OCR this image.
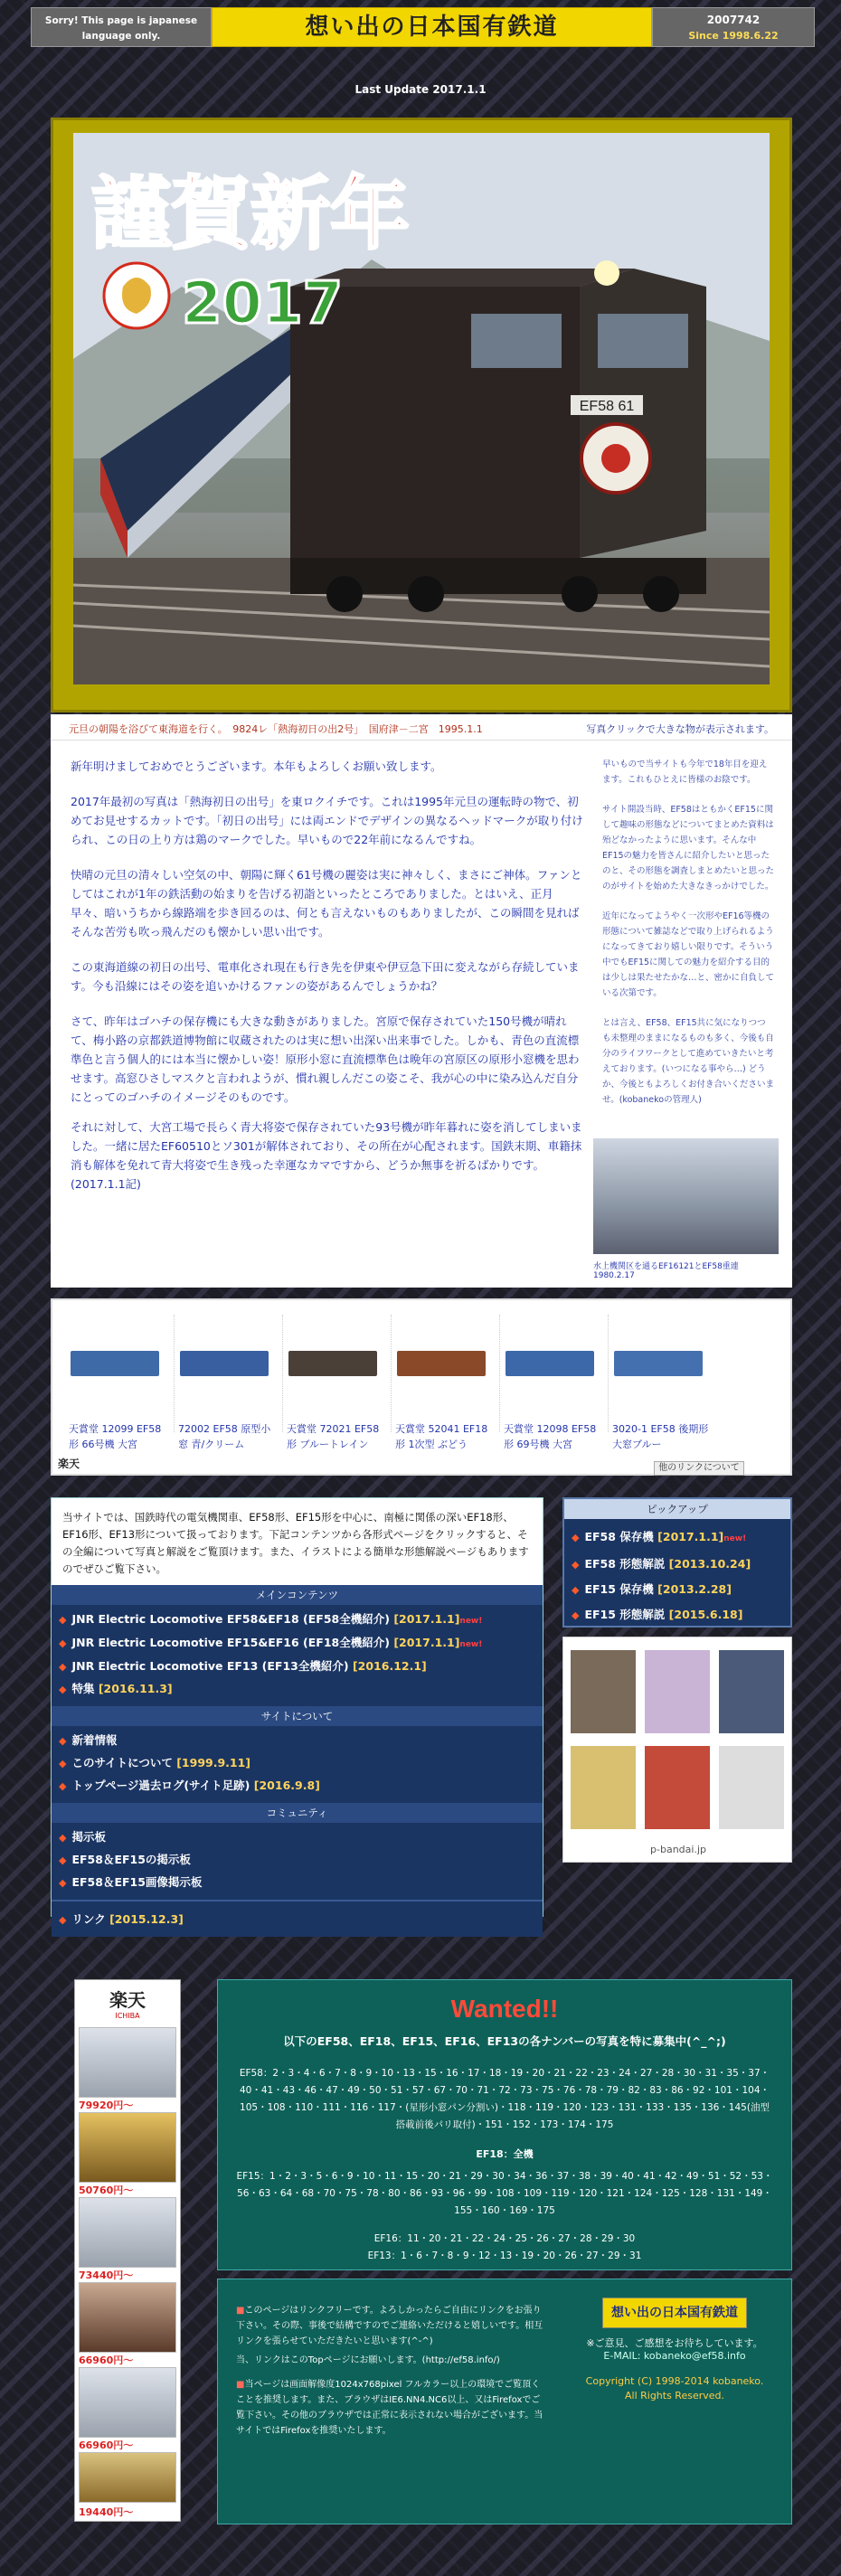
Sorry! This page is japanese language only.	想い出の日本国有鉄道	2007742
Since 1998.6.22
Last Update 2017.1.1
EF58 61
謹賀新年
2017
元旦の朝陽を浴びて東海道を行く。　9824レ「熱海初日の出2号」　国府津－二宮　1995.1.1	写真クリックで大きな物が表示されます。

新年明けましておめでとうございます。本年もよろしくお願い致します。

2017年最初の写真は「熱海初日の出号」を東ロクイチです。これは1995年元旦の運転時の物で、初めてお見せするカットです。「初日の出号」には両エンドでデザインの異なるヘッドマークが取り付けられ、この日の上り方は鶏のマークでした。早いもので22年前になるんですね。

快晴の元旦の清々しい空気の中、朝陽に輝く61号機の麗姿は実に神々しく、まさにご神体。ファンとしてはこれが1年の鉄活動の始まりを告げる初詣といったところでありました。とはいえ、正月早々、暗いうちから線路端を歩き回るのは、何とも言えないものもありましたが、この瞬間を見ればそんな苦労も吹っ飛んだのも懐かしい思い出です。

この東海道線の初日の出号、電車化され現在も行き先を伊東や伊豆急下田に変えながら存続しています。今も沿線にはその姿を追いかけるファンの姿があるんでしょうかね？

さて、昨年はゴハチの保存機にも大きな動きがありました。宮原で保存されていた150号機が晴れて、梅小路の京都鉄道博物館に収蔵されたのは実に想い出深い出来事でした。しかも、青色の直流標準色と言う個人的には本当に懐かしい姿！原形小窓に直流標準色は晩年の宮原区の原形小窓機を思わせます。高窓ひさしマスクと言われようが、慣れ親しんだこの姿こそ、我が心の中に染み込んだ自分にとってのゴハチのイメージそのものです。

それに対して、大宮工場で長らく青大将姿で保存されていた93号機が昨年暮れに姿を消してしまいました。一緒に居たEF60510とソ301が解体されており、その所在が心配されます。国鉄末期、車籍抹消も解体を免れて青大将姿で生き残った幸運なカマですから、どうか無事を祈るばかりです。

(2017.1.1記)

早いもので当サイトも今年で18年目を迎えます。これもひとえに皆様のお陰です。

サイト開設当時、EF58はともかくEF15に関して趣味の形態などについてまとめた資料は殆どなかったように思います。そんな中EF15の魅力を皆さんに紹介したいと思ったのと、その形態を調査しまとめたいと思ったのがサイトを始めた大きなきっかけでした。

近年になってようやく一次形やEF16等機の形態について雑誌などで取り上げられるようになってきており嬉しい限りです。そういう中でもEF15に関しての魅力を紹介する目的は少しは果たせたかな…と、密かに自負している次第です。

とは言え、EF58、EF15共に気になりつつも未整理のままになるものも多く、今後も自分のライフワークとして進めていきたいと考えております。(いつになる事やら…) どうか、今後ともよろしくお付き合いくださいませ。(kobanekoの管理人)

水上機関区を通るEF16121とEF58重連　1980.2.17
天賞堂 12099 EF58形 66号機 大宮
72002 EF58 原型小窓 青/クリーム
天賞堂 72021 EF58形 ブルートレイン
天賞堂 52041 EF18形 1次型 ぶどう
天賞堂 12098 EF58形 69号機 大宮
3020-1 EF58 後期形 大窓ブルー
楽天	他のリンクについて
当サイトでは、国鉄時代の電気機関車、EF58形、EF15形を中心に、南極に関係の深いEF18形、EF16形、EF13形について扱っております。下記コンテンツから各形式ページをクリックすると、その全編について写真と解説をご覧頂けます。また、イラストによる簡単な形態解説ページもありますのでぜひご覧下さい。
メインコンテンツ
◆ JNR Electric Locomotive EF58&EF18 (EF58全機紹介) [2017.1.1]new!
◆ JNR Electric Locomotive EF15&EF16 (EF18全機紹介) [2017.1.1]new!
◆ JNR Electric Locomotive EF13 (EF13全機紹介) [2016.12.1]
◆ 特集 [2016.11.3]
サイトについて
◆ 新着情報
◆ このサイトについて [1999.9.11]
◆ トップページ過去ログ(サイト足跡) [2016.9.8]
コミュニティ
◆ 掲示板
◆ EF58＆EF15の掲示板
◆ EF58＆EF15画像掲示板
◆ リンク [2015.12.3]
ピックアップ
◆ EF58 保存機 [2017.1.1]new!
◆ EF58 形態解説 [2013.10.24]
◆ EF15 保存機 [2013.2.28]
◆ EF15 形態解説 [2015.6.18]
p-bandai.jp
楽天
ICHIBA
79920円～
50760円～
73440円～
66960円～
66960円～
19440円～
Wanted!!
以下のEF58、EF18、EF15、EF16、EF13の各ナンバーの写真を特に募集中(^_^;)
EF58：2・3・4・6・7・8・9・10・13・15・16・17・18・19・20・21・22・23・24・27・28・30・31・35・37・40・41・43・46・47・49・50・51・57・67・70・71・72・73・75・76・78・79・82・83・86・92・101・104・105・108・110・111・116・117・(星形小窓パン分割い)・118・119・120・123・131・133・135・136・145(油型搭載前後パリ取付)・151・152・173・174・175
EF18：全機
EF15：1・2・3・5・6・9・10・11・15・20・21・29・30・34・36・37・38・39・40・41・42・49・51・52・53・56・63・64・68・70・75・78・80・86・93・96・99・108・109・119・120・121・124・125・128・131・149・155・160・169・175
EF16：11・20・21・22・24・25・26・27・28・29・30
EF13：1・6・7・8・9・12・13・19・20・26・27・29・31

■このページはリンクフリーです。よろしかったらご自由にリンクをお張り下さい。その際、事後で結構ですのでご連絡いただけると嬉しいです。相互リンクを張らせていただきたいと思います(^-^)

当、リンクはこのTopページにお願いします。(http://ef58.info/)

■当ページは画面解像度1024x768pixel フルカラー以上の環境でご覧頂くことを推奨します。また、ブラウザはIE6.NN4.NC6以上、又はFirefoxでご覧下さい。その他のブラウザでは正常に表示されない場合がございます。当サイトではFirefoxを推奨いたします。

想い出の日本国有鉄道
※ご意見、ご感想をお待ちしています。
E-MAIL: kobaneko@ef58.info
Copyright (C) 1998-2014 kobaneko.
All Rights Reserved.
